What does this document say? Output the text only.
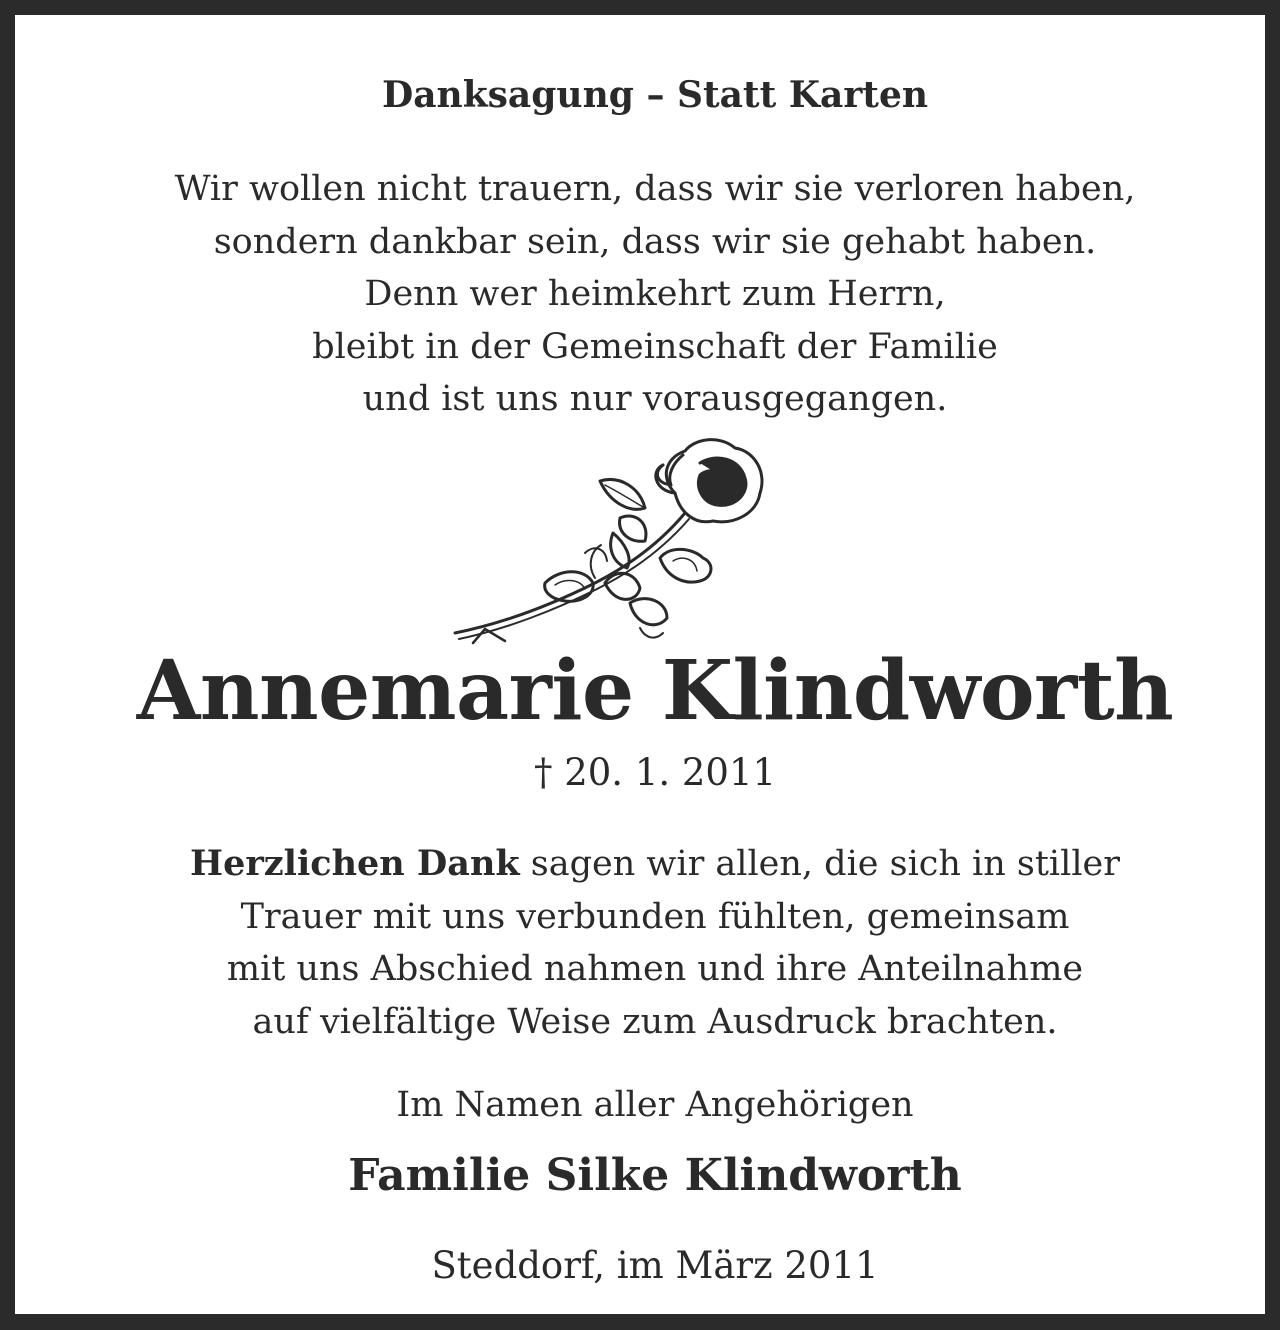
Danksagung – Statt Karten
Wir wollen nicht trauern, dass wir sie verloren haben,
sondern dankbar sein, dass wir sie gehabt haben.
Denn wer heimkehrt zum Herrn,
bleibt in der Gemeinschaft der Familie
und ist uns nur vorausgegangen.
Annemarie Klindworth
† 20. 1. 2011
Herzlichen Dank sagen wir allen, die sich in stiller
Trauer mit uns verbunden fühlten, gemeinsam
mit uns Abschied nahmen und ihre Anteilnahme
auf vielfältige Weise zum Ausdruck brachten.
Im Namen aller Angehörigen
Familie Silke Klindworth
Steddorf, im März 2011
